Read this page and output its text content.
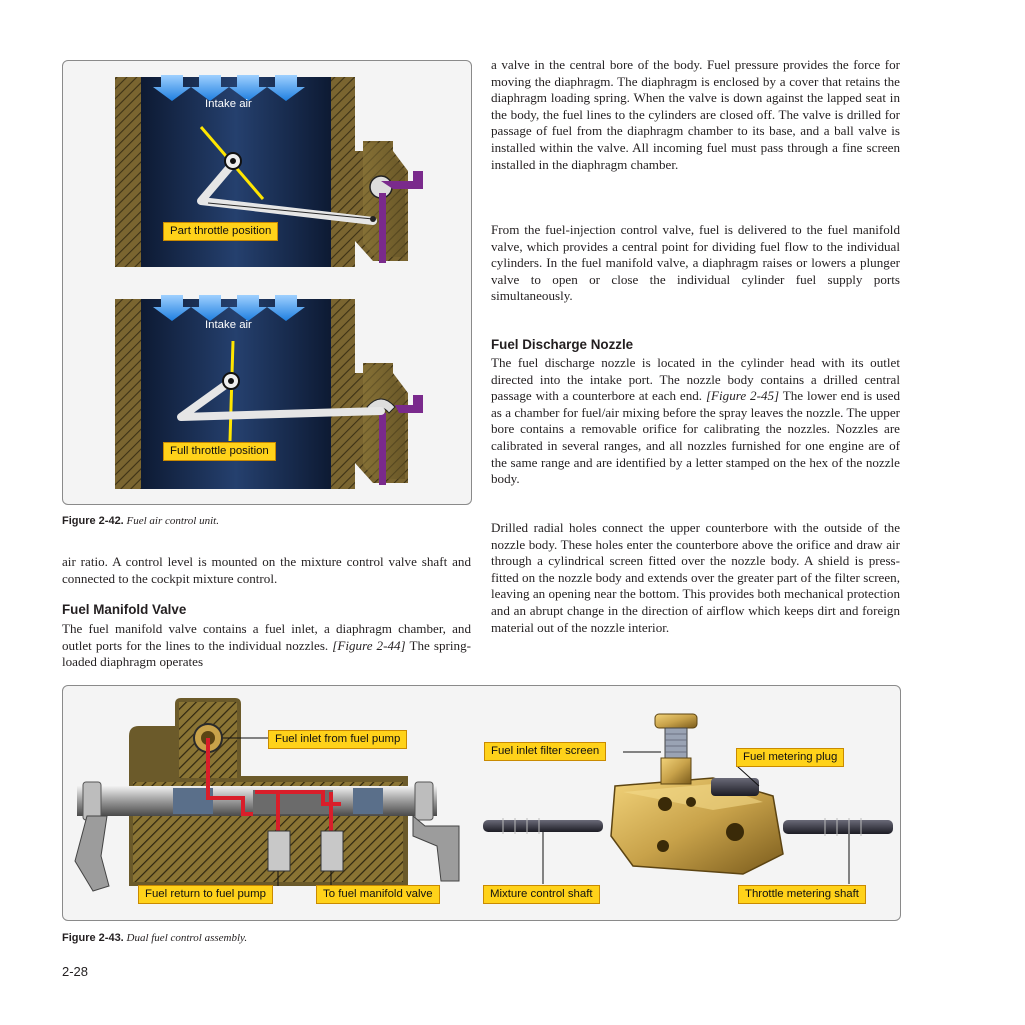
Intake air
Part throttle position
Intake air
Full throttle position
Figure 2-42. Fuel air control unit.

air ratio. A control level is mounted on the mixture control valve shaft and connected to the cockpit mixture control.

Fuel Manifold Valve

The fuel manifold valve contains a fuel inlet, a diaphragm chamber, and outlet ports for the lines to the individual nozzles. [Figure 2-44] The spring-loaded diaphragm operates

a valve in the central bore of the body. Fuel pressure provides the force for moving the diaphragm. The diaphragm is enclosed by a cover that retains the diaphragm loading spring. When the valve is down against the lapped seat in the body, the fuel lines to the cylinders are closed off. The valve is drilled for passage of fuel from the diaphragm chamber to its base, and a ball valve is installed within the valve. All incoming fuel must pass through a fine screen installed in the diaphragm chamber.

From the fuel-injection control valve, fuel is delivered to the fuel manifold valve, which provides a central point for dividing fuel flow to the individual cylinders. In the fuel manifold valve, a diaphragm raises or lowers a plunger valve to open or close the individual cylinder fuel supply ports simultaneously.

Fuel Discharge Nozzle

The fuel discharge nozzle is located in the cylinder head with its outlet directed into the intake port. The nozzle body contains a drilled central passage with a counterbore at each end. [Figure 2-45] The lower end is used as a chamber for fuel/air mixing before the spray leaves the nozzle. The upper bore contains a removable orifice for calibrating the nozzles. Nozzles are calibrated in several ranges, and all nozzles furnished for one engine are of the same range and are identified by a letter stamped on the hex of the nozzle body.

Drilled radial holes connect the upper counterbore with the outside of the nozzle body. These holes enter the counterbore above the orifice and draw air through a cylindrical screen fitted over the nozzle body. A shield is press-fitted on the nozzle body and extends over the greater part of the filter screen, leaving an opening near the bottom. This provides both mechanical protection and an abrupt change in the direction of airflow which keeps dirt and foreign material out of the nozzle interior.

Fuel inlet from fuel pump
Fuel return to fuel pump	To fuel manifold valve
Fuel inlet filter screen	Fuel metering plug
Mixture control shaft	Throttle metering shaft
Figure 2-43. Dual fuel control assembly.
2-28
